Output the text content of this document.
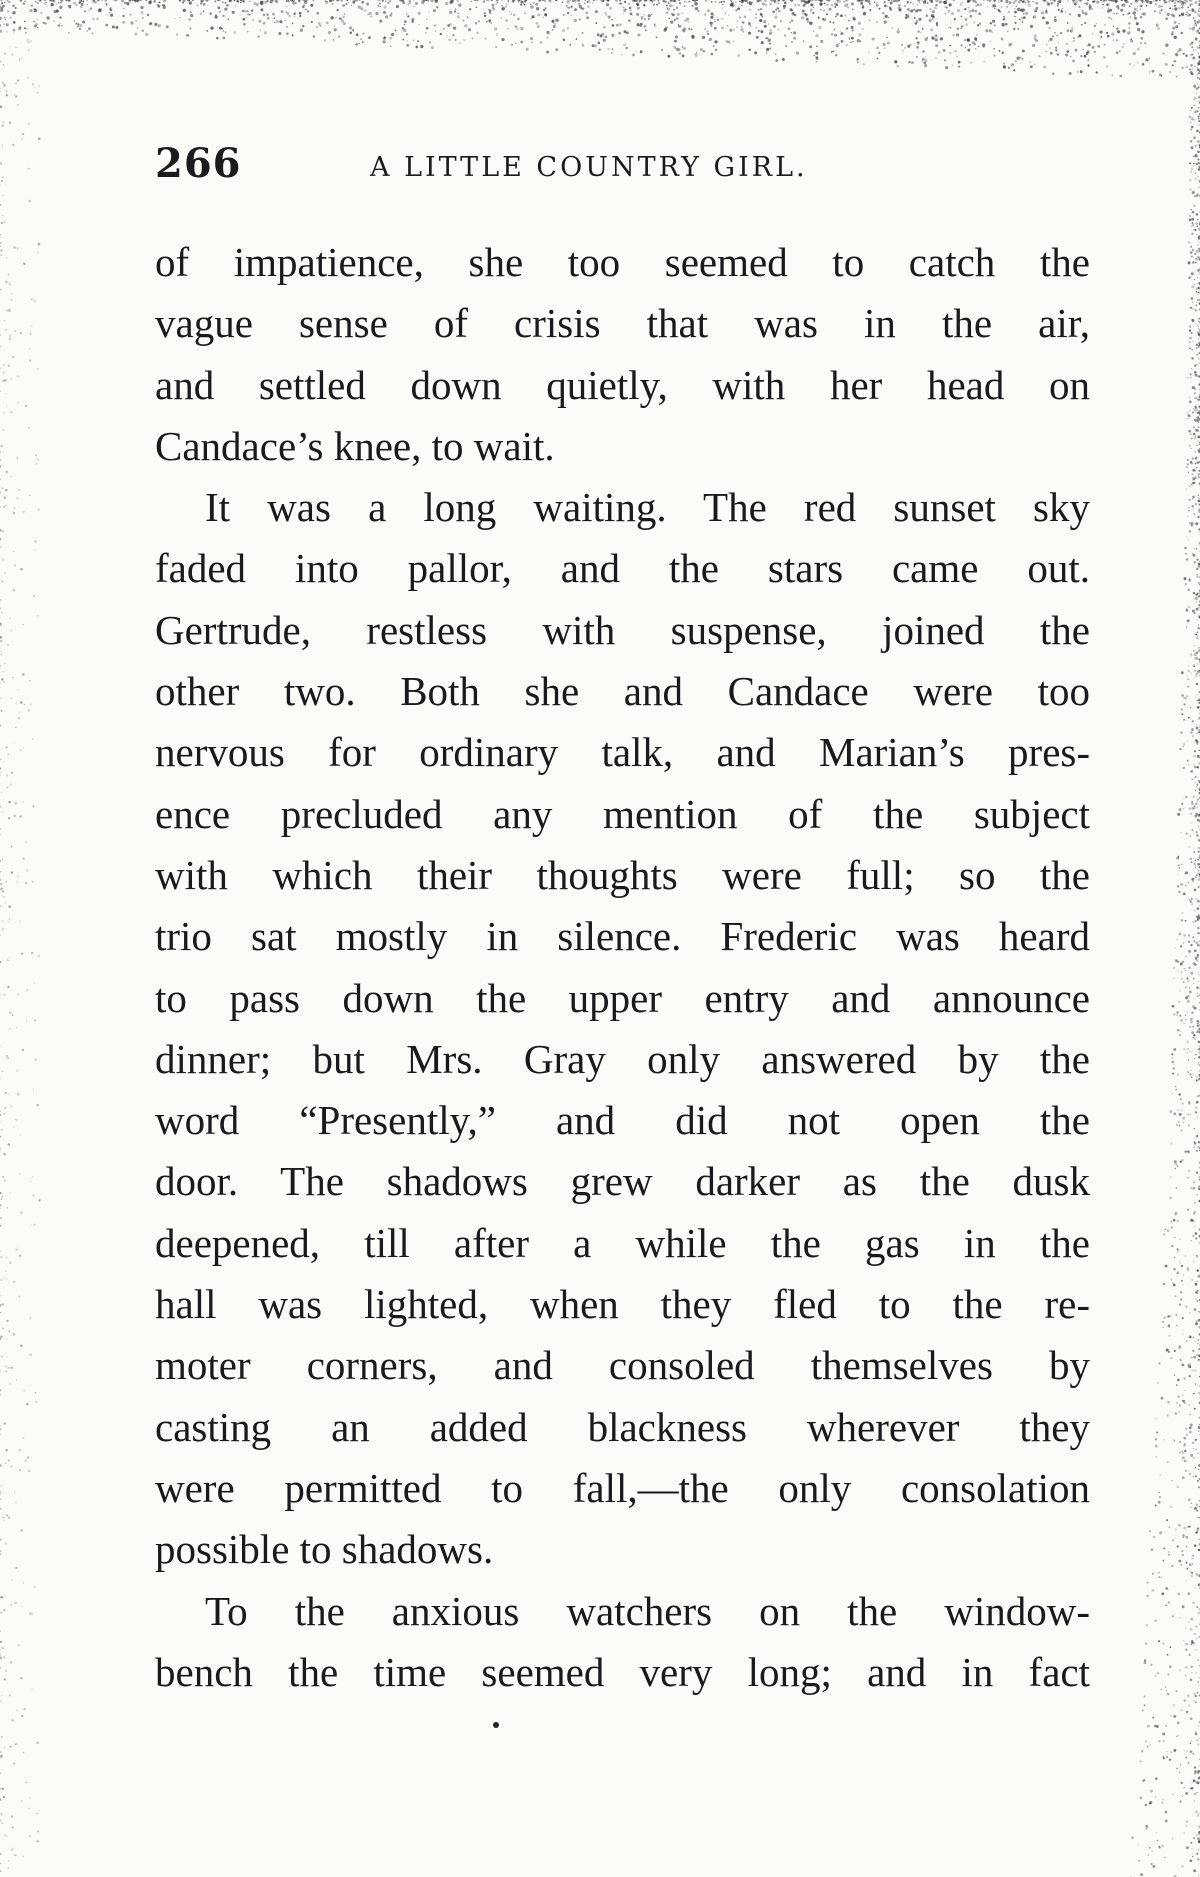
266	A LITTLE COUNTRY GIRL.
of impatience, she too seemed to catch the
vague sense of crisis that was in the air,
and settled down quietly, with her head on
Candace’s knee, to wait.
It was a long waiting. The red sunset sky
faded into pallor, and the stars came out.
Gertrude, restless with suspense, joined the
other two. Both she and Candace were too
nervous for ordinary talk, and Marian’s pres-
ence precluded any mention of the subject
with which their thoughts were full; so the
trio sat mostly in silence. Frederic was heard
to pass down the upper entry and announce
dinner; but Mrs. Gray only answered by the
word “Presently,” and did not open the
door. The shadows grew darker as the dusk
deepened, till after a while the gas in the
hall was lighted, when they fled to the re-
moter corners, and consoled themselves by
casting an added blackness wherever they
were permitted to fall,—the only consolation
possible to shadows.
To the anxious watchers on the window-
bench the time seemed very long; and in fact
